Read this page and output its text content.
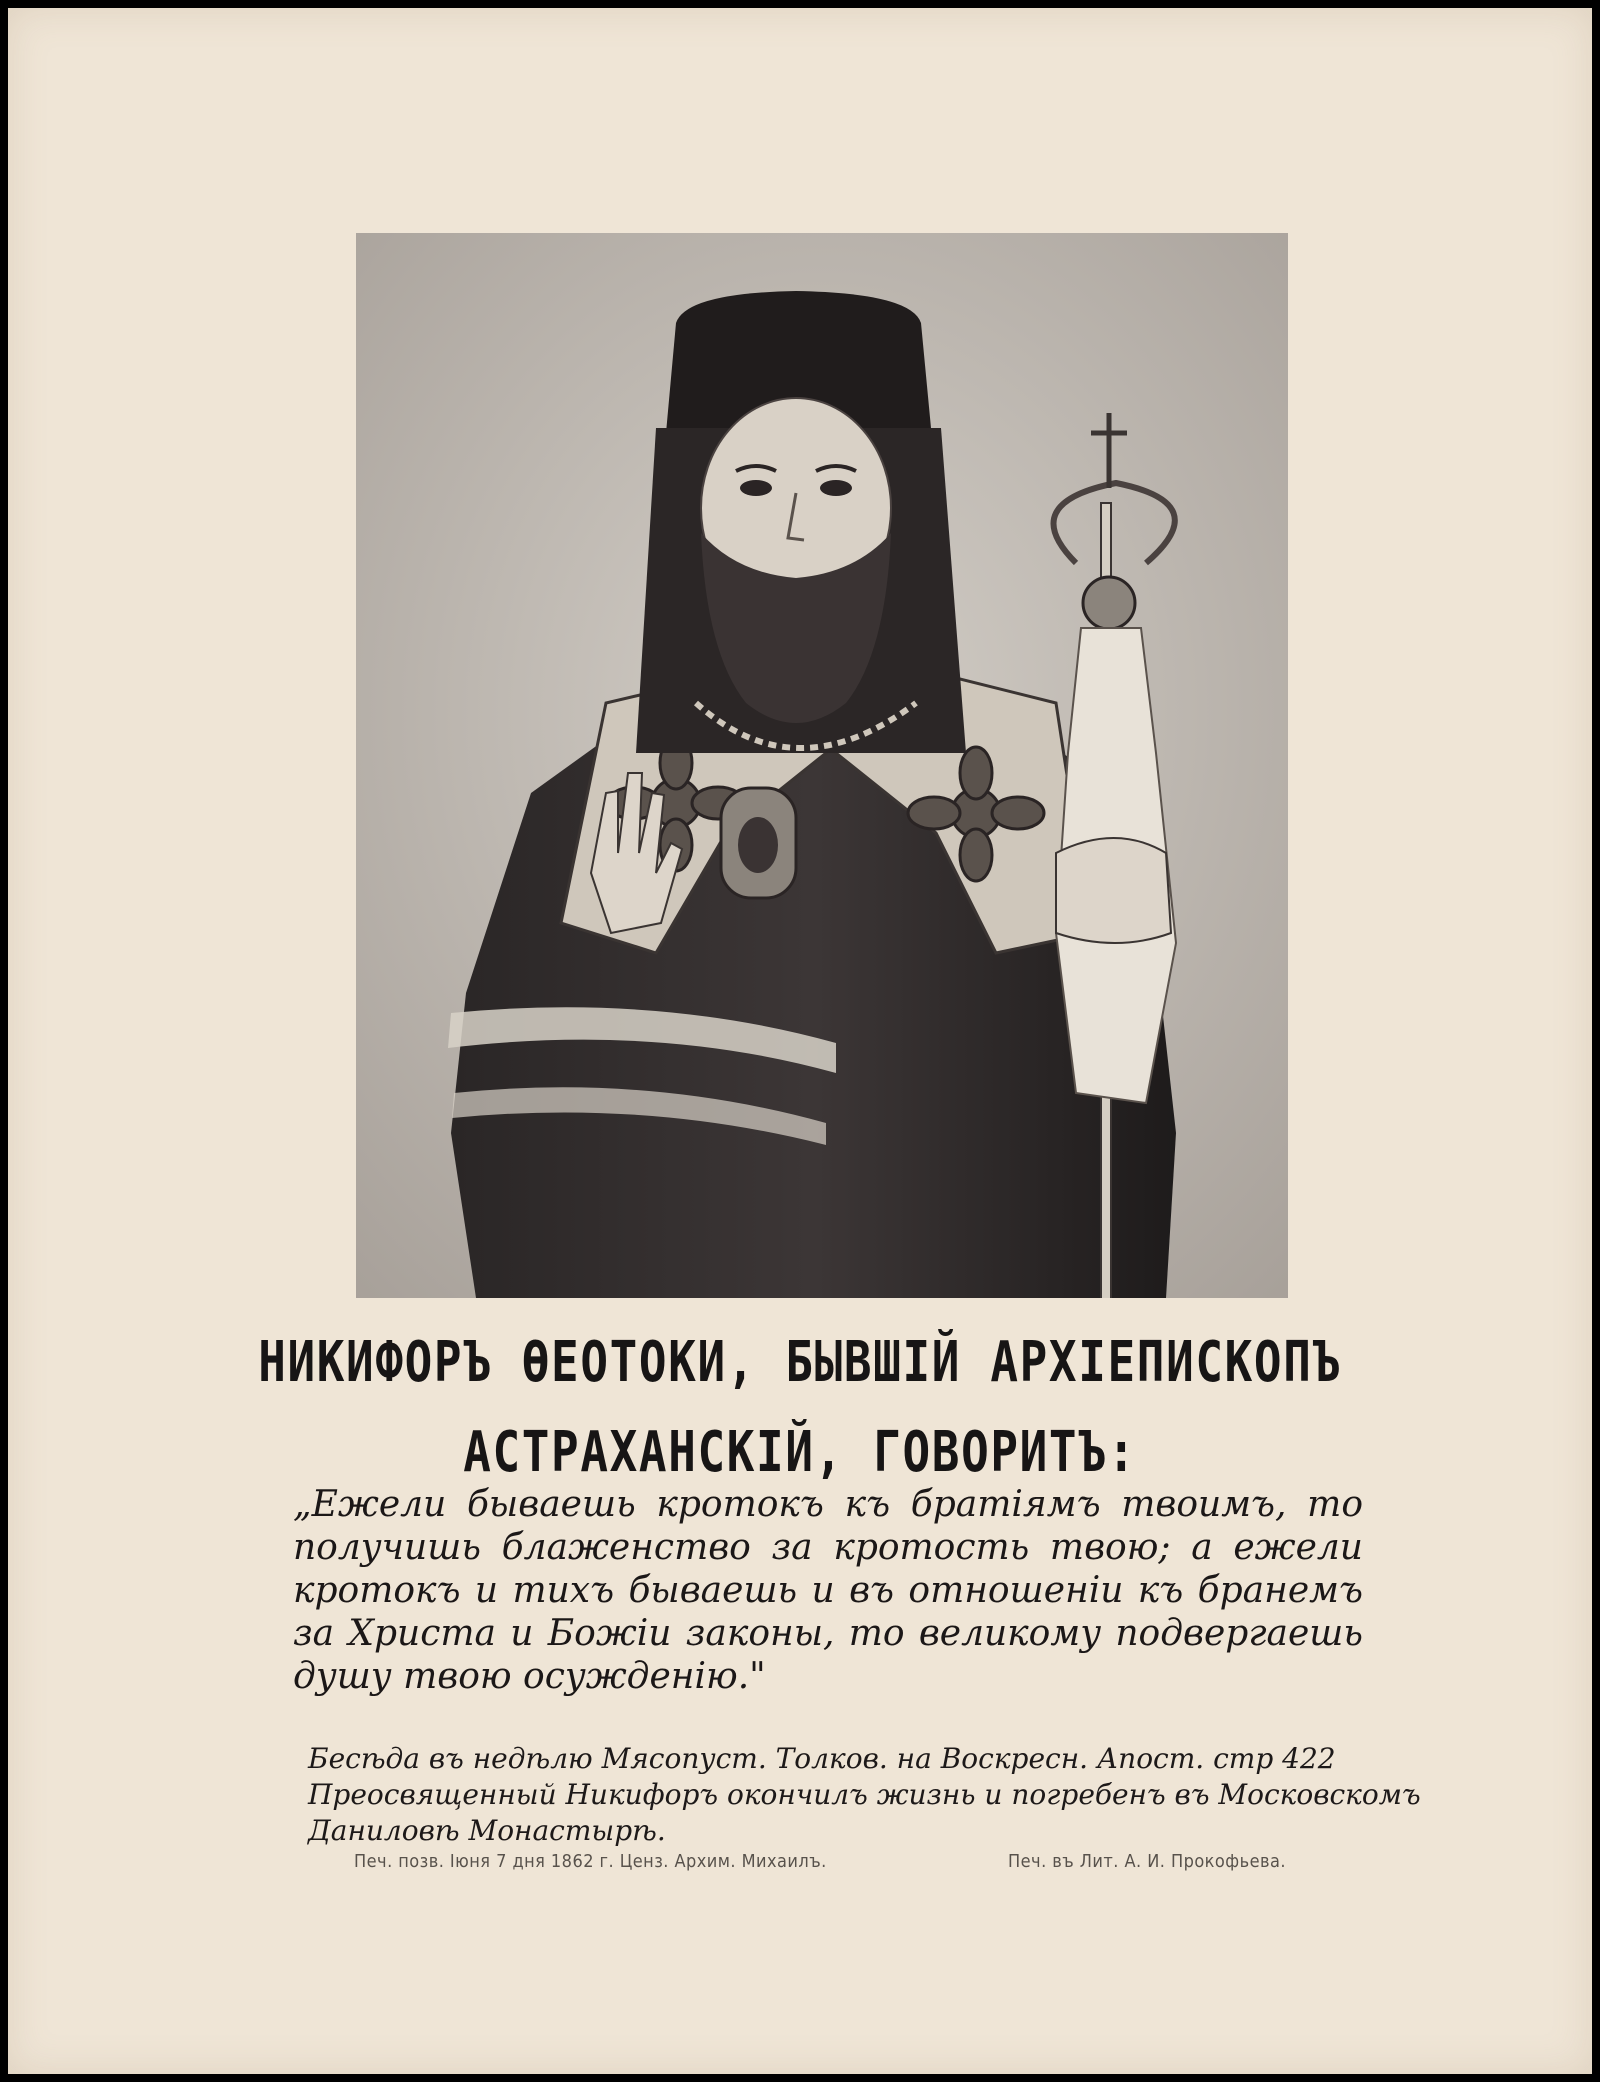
НИКИФОРЪ ѲЕОТОКИ, БЫВШІЙ АРХІЕПИСКОПЪ
АСТРАХАНСКІЙ, ГОВОРИТЪ:
„Ежели бываешь кротокъ къ братіямъ твоимъ, то получишь блаженство за кротость твою; а ежели кротокъ и тихъ бываешь и въ отношеніи къ бранемъ за Христа и Божіи законы, то великому подвергаешь душу твою осужденію."
Бесѣда въ недѣлю Мясопуст. Толков. на Воскресн. Апост. стр 422
Преосвященный Никифоръ окончилъ жизнь и погребенъ въ Московскомъ
Даниловѣ Монастырѣ.
Печ. позв. Іюня 7 дня 1862 г. Ценз. Архим. Михаилъ.	Печ. въ Лит. А. И. Прокофьева.
